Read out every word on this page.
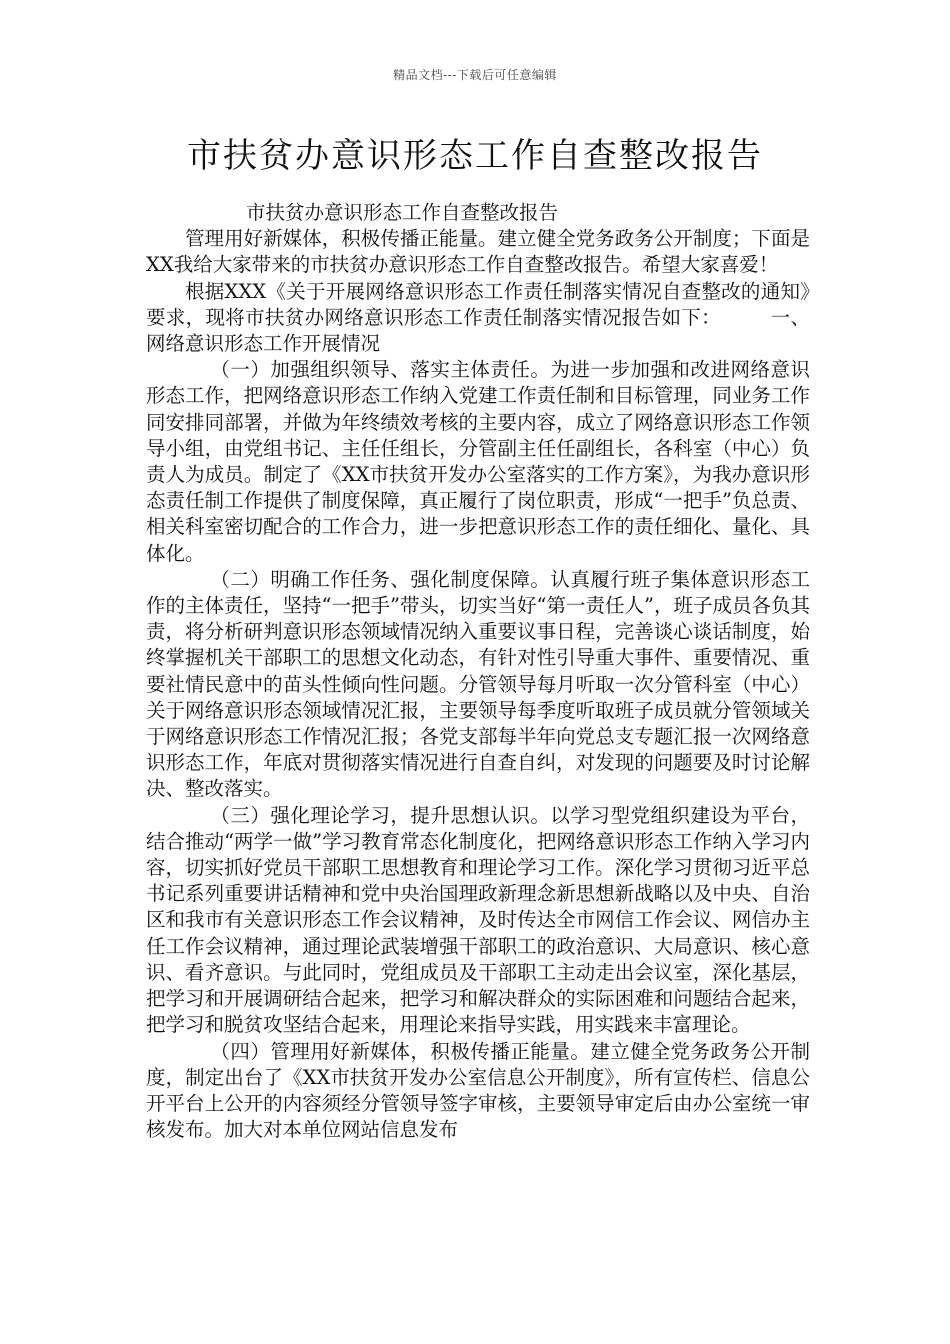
精品文档---下载后可任意编辑
市扶贫办意识形态工作自查整改报告

市扶贫办意识形态工作自查整改报告

管理用好新媒体，积极传播正能量。建立健全党务政务公开制度；下面是XX我给大家带来的市扶贫办意识形态工作自查整改报告。希望大家喜爱！

根据XXX《关于开展网络意识形态工作责任制落实情况自查整改的通知》要求，现将市扶贫办网络意识形态工作责任制落实情况报告如下：　　　一、网络意识形态工作开展情况

（一）加强组织领导、落实主体责任。为进一步加强和改进网络意识形态工作，把网络意识形态工作纳入党建工作责任制和目标管理，同业务工作同安排同部署，并做为年终绩效考核的主要内容，成立了网络意识形态工作领导小组，由党组书记、主任任组长，分管副主任任副组长，各科室（中心）负责人为成员。制定了《XX市扶贫开发办公室落实的工作方案》，为我办意识形态责任制工作提供了制度保障，真正履行了岗位职责，形成“一把手”负总责、相关科室密切配合的工作合力，进一步把意识形态工作的责任细化、量化、具体化。

（二）明确工作任务、强化制度保障。认真履行班子集体意识形态工作的主体责任，坚持“一把手”带头，切实当好“第一责任人”，班子成员各负其责，将分析研判意识形态领域情况纳入重要议事日程，完善谈心谈话制度，始终掌握机关干部职工的思想文化动态，有针对性引导重大事件、重要情况、重要社情民意中的苗头性倾向性问题。分管领导每月听取一次分管科室（中心）关于网络意识形态领域情况汇报，主要领导每季度听取班子成员就分管领域关于网络意识形态工作情况汇报；各党支部每半年向党总支专题汇报一次网络意识形态工作，年底对贯彻落实情况进行自查自纠，对发现的问题要及时讨论解决、整改落实。

（三）强化理论学习，提升思想认识。以学习型党组织建设为平台，结合推动“两学一做”学习教育常态化制度化，把网络意识形态工作纳入学习内容，切实抓好党员干部职工思想教育和理论学习工作。深化学习贯彻习近平总书记系列重要讲话精神和党中央治国理政新理念新思想新战略以及中央、自治区和我市有关意识形态工作会议精神，及时传达全市网信工作会议、网信办主任工作会议精神，通过理论武装增强干部职工的政治意识、大局意识、核心意识、看齐意识。与此同时，党组成员及干部职工主动走出会议室，深化基层，把学习和开展调研结合起来，把学习和解决群众的实际困难和问题结合起来，把学习和脱贫攻坚结合起来，用理论来指导实践，用实践来丰富理论。

（四）管理用好新媒体，积极传播正能量。建立健全党务政务公开制度，制定出台了《XX市扶贫开发办公室信息公开制度》，所有宣传栏、信息公开平台上公开的内容须经分管领导签字审核，主要领导审定后由办公室统一审核发布。加大对本单位网站信息发布
